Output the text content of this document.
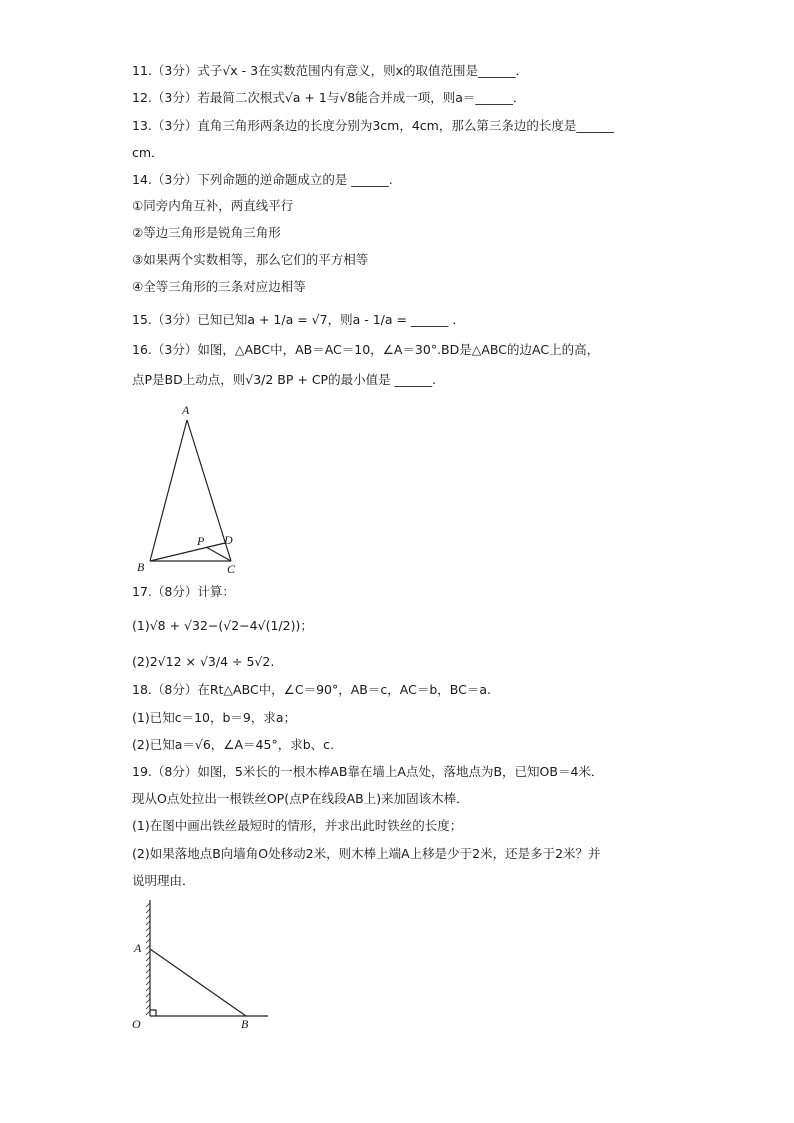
11.（3分）式子√x - 3在实数范围内有意义，则x的取值范围是______．
12.（3分）若最简二次根式√a + 1与√8能合并成一项，则a＝______．
13.（3分）直角三角形两条边的长度分别为3cm，4cm，那么第三条边的长度是______
cm．
14.（3分）下列命题的逆命题成立的是 ______.
①同旁内角互补，两直线平行
②等边三角形是锐角三角形
③如果两个实数相等，那么它们的平方相等
④全等三角形的三条对应边相等
15.（3分）已知已知a + 1/a = √7，则a - 1/a = ______ ．
16.（3分）如图，△ABC中，AB＝AC＝10，∠A＝30°.BD是△ABC的边AC上的高，
点P是BD上动点，则√3/2 BP + CP的最小值是 ______.
A
B	C
D
P
17.（8分）计算：
(1)√8 + √32−(√2−4√(1/2))；
(2)2√12 × √3/4 ÷ 5√2.
18.（8分）在Rt△ABC中，∠C＝90°，AB＝c，AC＝b，BC＝a.
(1)已知c＝10，b＝9，求a；
(2)已知a＝√6，∠A＝45°，求b、c.
19.（8分）如图，5米长的一根木棒AB靠在墙上A点处，落地点为B，已知OB＝4米．
现从O点处拉出一根铁丝OP(点P在线段AB上)来加固该木棒．
(1)在图中画出铁丝最短时的情形，并求出此时铁丝的长度；
(2)如果落地点B向墙角O处移动2米，则木棒上端A上移是少于2米，还是多于2米？并
说明理由．
A
O	B
